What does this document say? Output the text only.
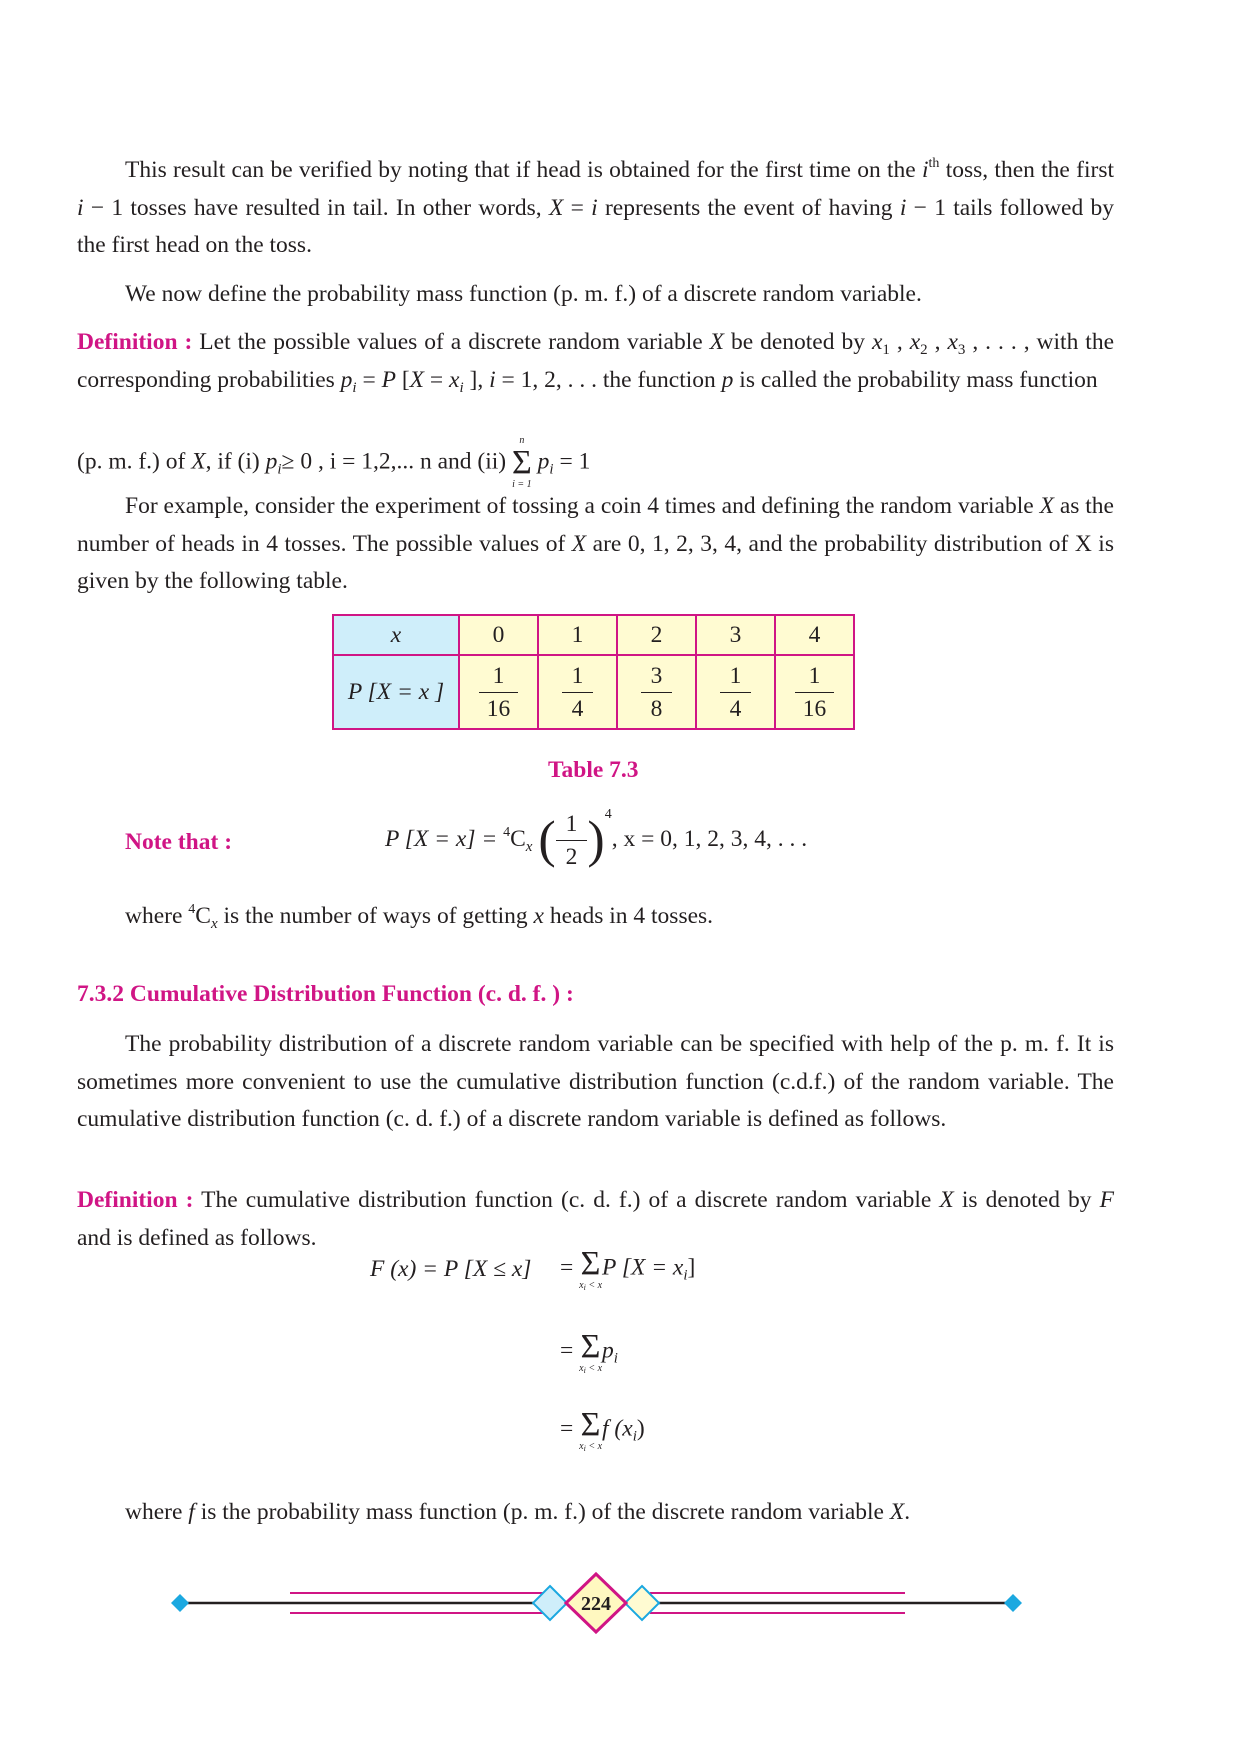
This result can be verified by noting that if head is obtained for the first time on the $i^{th}$ toss, then the first i − 1 tosses have resulted in tail. In other words, X = i represents the event of having i − 1 tails followed by the first head on the toss.

We now define the probability mass function (p. m. f.) of a discrete random variable.

Definition : Let the possible values of a discrete random variable X be denoted by $x_1$ , $x_2$ , $x_3$ , . . . , with the corresponding probabilities $p_i = P$ [$X = x_i$ ], i = 1, 2, . . . the function p is called the probability mass function

(p. m. f.) of X, if (i) $p_i\ge 0$ , i = 1,2,... n and (ii)
n
Σ
i = 1
$p_i = 1$

For example, consider the experiment of tossing a coin 4 times and defining the random variable X as the number of heads in 4 tosses. The possible values of X are 0, 1, 2, 3, 4, and the probability distribution of X is given by the following table.

x	0	1	2	3	4
P [X = x ]	$\frac{1}{16}$	$\frac{1}{4}$	$\frac{3}{8}$	$\frac{1}{4}$	$\frac{1}{16}$

Table 7.3

Note that :	P $[X = x] = ^4C_x$ ( $\frac{1}{2} )^4$, x = 0, 1, 2, 3, 4, . . .

where $^4C_x$ is the number of ways of getting x heads in 4 tosses.

7.3.2 Cumulative Distribution Function (c. d. f. ) :

The probability distribution of a discrete random variable can be specified with help of the p. m. f. It is sometimes more convenient to use the cumulative distribution function (c.d.f.) of the random variable. The cumulative distribution function (c. d. f.) of a discrete random variable is defined as follows.

Definition : The cumulative distribution function (c. d. f.) of a discrete random variable X is denoted by F and is defined as follows.

F (x) = P [X ≤ x] = Σ
$x_i < x$
P $[X = x_i]$
= Σ
$x_i < x$
$p_i$
= Σ
$x_i < x$
f $(x_i)$

where f is the probability mass function (p. m. f.) of the discrete random variable X.

224
